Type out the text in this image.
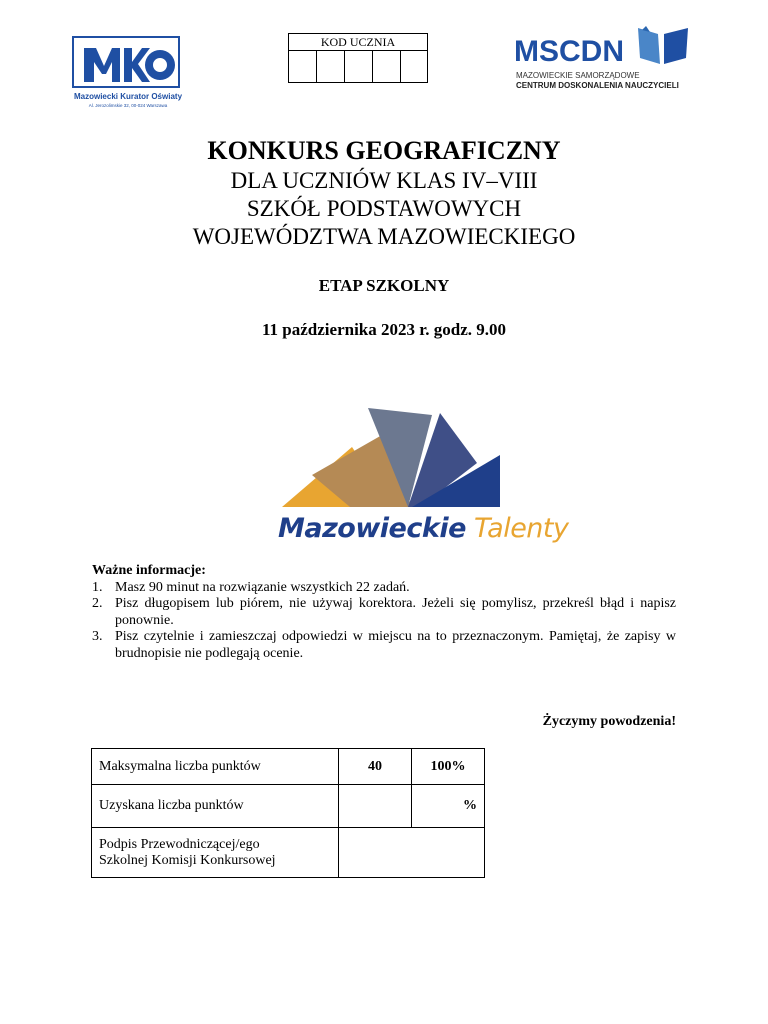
Mazowiecki Kurator Oświaty
Al. Jerozolimskie 32, 00-024 Warszawa
KOD UCZNIA	MSCDN
MAZOWIECKIE SAMORZĄDOWE
CENTRUM DOSKONALENIA NAUCZYCIELI
KONKURS GEOGRAFICZNY
DLA UCZNIÓW KLAS IV–VIII
SZKÓŁ PODSTAWOWYCH
WOJEWÓDZTWA MAZOWIECKIEGO
ETAP SZKOLNY
11 października 2023 r. godz. 9.00
Mazowieckie Talenty
Ważne informacje:
1. Masz 90 minut na rozwiązanie wszystkich 22 zadań.
2. Pisz długopisem lub piórem, nie używaj korektora. Jeżeli się pomylisz, przekreśl błąd i napisz ponownie.
3. Pisz czytelnie i zamieszczaj odpowiedzi w miejscu na to przeznaczonym. Pamiętaj, że zapisy w brudnopisie nie podlegają ocenie.
Życzymy powodzenia!
Maksymalna liczba punktów	40	100%
Uzyskana liczba punktów		%

Podpis Przewodniczącej/ego
Szkolnej Komisji Konkursowej		
